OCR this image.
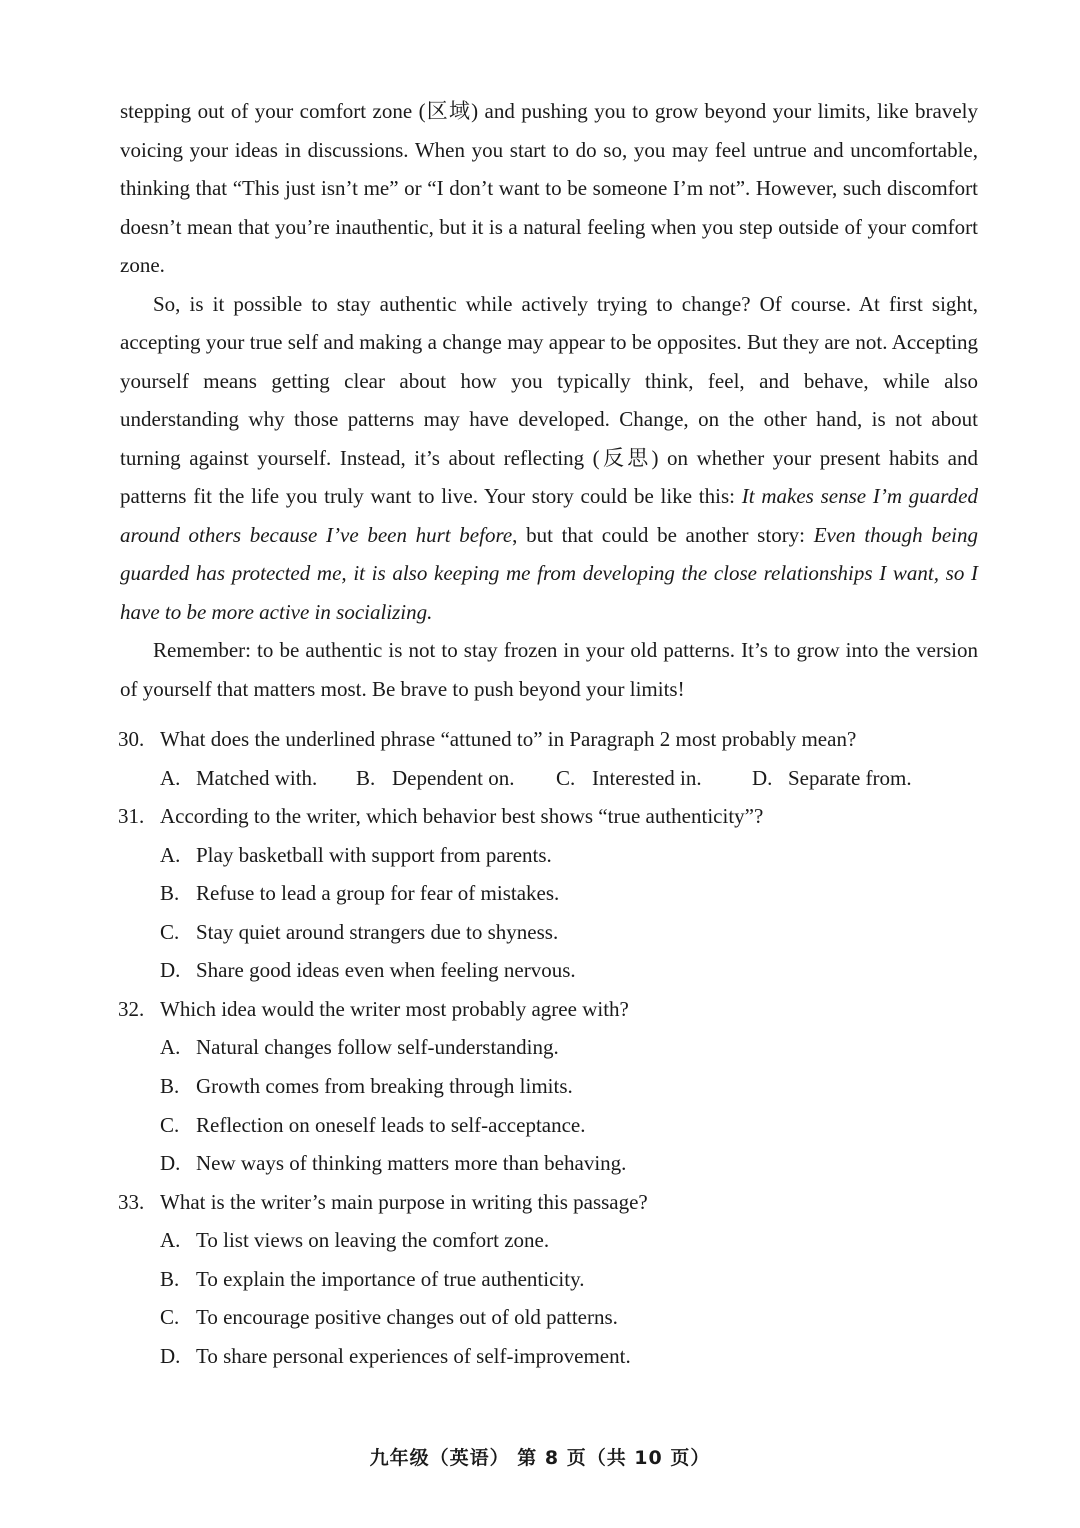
stepping out of your comfort zone (区域) and pushing you to grow beyond your limits, like bravely voicing your ideas in discussions. When you start to do so, you may feel untrue and uncomfortable, thinking that “This just isn’t me” or “I don’t want to be someone I’m not”. However, such discomfort doesn’t mean that you’re inauthentic, but it is a natural feeling when you step outside of your comfort zone.

So, is it possible to stay authentic while actively trying to change? Of course. At first sight, accepting your true self and making a change may appear to be opposites. But they are not. Accepting yourself means getting clear about how you typically think, feel, and behave, while also understanding why those patterns may have developed. Change, on the other hand, is not about turning against yourself. Instead, it’s about reflecting (反思) on whether your present habits and patterns fit the life you truly want to live. Your story could be like this: It makes sense I’m guarded around others because I’ve been hurt before, but that could be another story: Even though being guarded has protected me, it is also keeping me from developing the close relationships I want, so I have to be more active in socializing.

Remember: to be authentic is not to stay frozen in your old patterns. It’s to grow into the version of yourself that matters most. Be brave to push beyond your limits!

30. What does the underlined phrase “attuned to” in Paragraph 2 most probably mean?
A. Matched with. B. Dependent on. C. Interested in. D. Separate from.
31. According to the writer, which behavior best shows “true authenticity”?
A. Play basketball with support from parents.
B. Refuse to lead a group for fear of mistakes.
C. Stay quiet around strangers due to shyness.
D. Share good ideas even when feeling nervous.
32. Which idea would the writer most probably agree with?
A. Natural changes follow self-understanding.
B. Growth comes from breaking through limits.
C. Reflection on oneself leads to self-acceptance.
D. New ways of thinking matters more than behaving.
33. What is the writer’s main purpose in writing this passage?
A. To list views on leaving the comfort zone.
B. To explain the importance of true authenticity.
C. To encourage positive changes out of old patterns.
D. To share personal experiences of self-improvement.
九年级（英语） 第 8 页（共 10 页）
